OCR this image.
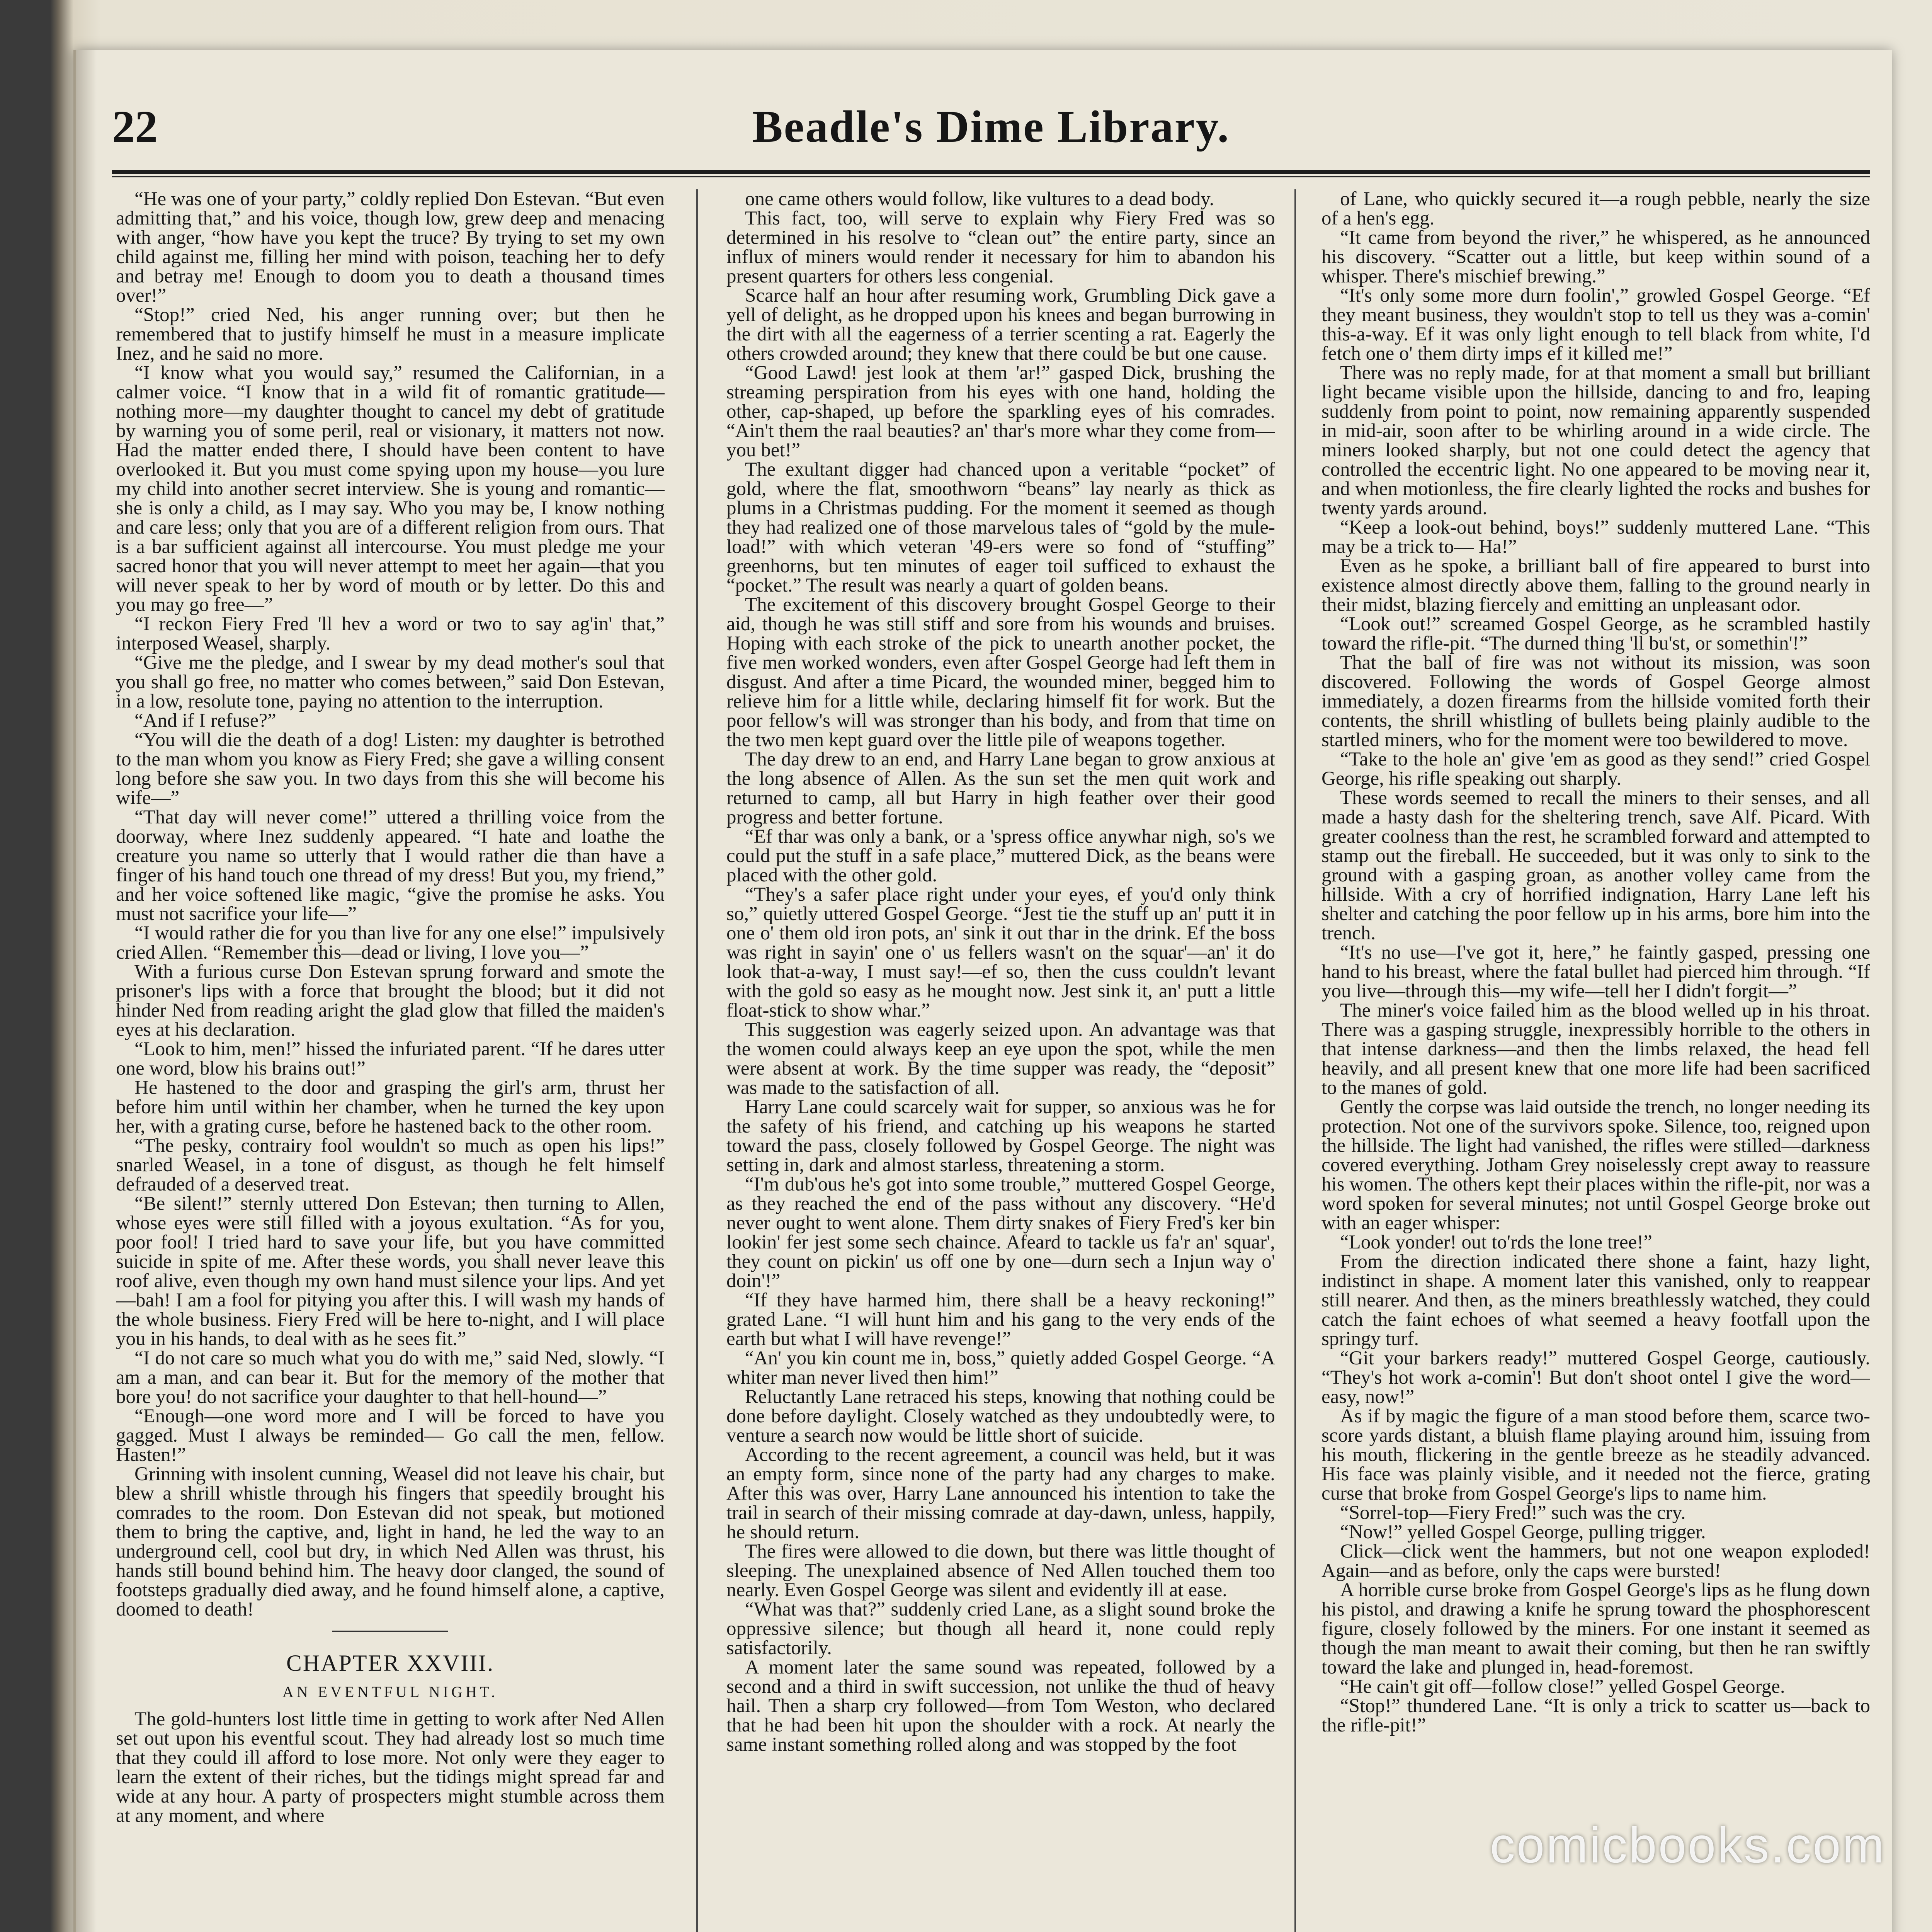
22	Beadle's Dime Library.

“He was one of your party,” coldly replied Don Estevan. “But even admitting that,” and his voice, though low, grew deep and menacing with anger, “how have you kept the truce? By trying to set my own child against me, filling her mind with poison, teaching her to defy and betray me! Enough to doom you to death a thousand times over!”

“Stop!” cried Ned, his anger running over; but then he remembered that to justify himself he must in a measure implicate Inez, and he said no more.

“I know what you would say,” resumed the Californian, in a calmer voice. “I know that in a wild fit of romantic gratitude—nothing more—my daughter thought to cancel my debt of gratitude by warning you of some peril, real or visionary, it matters not now. Had the matter ended there, I should have been content to have overlooked it. But you must come spying upon my house—you lure my child into another secret interview. She is young and romantic—she is only a child, as I may say. Who you may be, I know nothing and care less; only that you are of a different religion from ours. That is a bar sufficient against all intercourse. You must pledge me your sacred honor that you will never attempt to meet her again—that you will never speak to her by word of mouth or by letter. Do this and you may go free—”

“I reckon Fiery Fred 'll hev a word or two to say ag'in' that,” interposed Weasel, sharply.

“Give me the pledge, and I swear by my dead mother's soul that you shall go free, no matter who comes between,” said Don Estevan, in a low, resolute tone, paying no attention to the interruption.

“And if I refuse?”

“You will die the death of a dog! Listen: my daughter is betrothed to the man whom you know as Fiery Fred; she gave a willing consent long before she saw you. In two days from this she will become his wife—”

“That day will never come!” uttered a thrilling voice from the doorway, where Inez suddenly appeared. “I hate and loathe the creature you name so utterly that I would rather die than have a finger of his hand touch one thread of my dress! But you, my friend,” and her voice softened like magic, “give the promise he asks. You must not sacrifice your life—”

“I would rather die for you than live for any one else!” impulsively cried Allen. “Remember this—dead or living, I love you—”

With a furious curse Don Estevan sprung forward and smote the prisoner's lips with a force that brought the blood; but it did not hinder Ned from reading aright the glad glow that filled the maiden's eyes at his declaration.

“Look to him, men!” hissed the infuriated parent. “If he dares utter one word, blow his brains out!”

He hastened to the door and grasping the girl's arm, thrust her before him until within her chamber, when he turned the key upon her, with a grating curse, before he hastened back to the other room.

“The pesky, contrairy fool wouldn't so much as open his lips!” snarled Weasel, in a tone of disgust, as though he felt himself defrauded of a deserved treat.

“Be silent!” sternly uttered Don Estevan; then turning to Allen, whose eyes were still filled with a joyous exultation. “As for you, poor fool! I tried hard to save your life, but you have committed suicide in spite of me. After these words, you shall never leave this roof alive, even though my own hand must silence your lips. And yet—bah! I am a fool for pitying you after this. I will wash my hands of the whole business. Fiery Fred will be here to-night, and I will place you in his hands, to deal with as he sees fit.”

“I do not care so much what you do with me,” said Ned, slowly. “I am a man, and can bear it. But for the memory of the mother that bore you! do not sacrifice your daughter to that hell-hound—”

“Enough—one word more and I will be forced to have you gagged. Must I always be reminded— Go call the men, fellow. Hasten!”

Grinning with insolent cunning, Weasel did not leave his chair, but blew a shrill whistle through his fingers that speedily brought his comrades to the room. Don Estevan did not speak, but motioned them to bring the captive, and, light in hand, he led the way to an underground cell, cool but dry, in which Ned Allen was thrust, his hands still bound behind him. The heavy door clanged, the sound of footsteps gradually died away, and he found himself alone, a captive, doomed to death!

CHAPTER XXVIII.
AN EVENTFUL NIGHT.

The gold-hunters lost little time in getting to work after Ned Allen set out upon his eventful scout. They had already lost so much time that they could ill afford to lose more. Not only were they eager to learn the extent of their riches, but the tidings might spread far and wide at any hour. A party of prospecters might stumble across them at any moment, and where

one came others would follow, like vultures to a dead body.

This fact, too, will serve to explain why Fiery Fred was so determined in his resolve to “clean out” the entire party, since an influx of miners would render it necessary for him to abandon his present quarters for others less congenial.

Scarce half an hour after resuming work, Grumbling Dick gave a yell of delight, as he dropped upon his knees and began burrowing in the dirt with all the eagerness of a terrier scenting a rat. Eagerly the others crowded around; they knew that there could be but one cause.

“Good Lawd! jest look at them 'ar!” gasped Dick, brushing the streaming perspiration from his eyes with one hand, holding the other, cap-shaped, up before the sparkling eyes of his comrades. “Ain't them the raal beauties? an' thar's more whar they come from—you bet!”

The exultant digger had chanced upon a veritable “pocket” of gold, where the flat, smoothworn “beans” lay nearly as thick as plums in a Christmas pudding. For the moment it seemed as though they had realized one of those marvelous tales of “gold by the mule-load!” with which veteran '49-ers were so fond of “stuffing” greenhorns, but ten minutes of eager toil sufficed to exhaust the “pocket.” The result was nearly a quart of golden beans.

The excitement of this discovery brought Gospel George to their aid, though he was still stiff and sore from his wounds and bruises. Hoping with each stroke of the pick to unearth another pocket, the five men worked wonders, even after Gospel George had left them in disgust. And after a time Picard, the wounded miner, begged him to relieve him for a little while, declaring himself fit for work. But the poor fellow's will was stronger than his body, and from that time on the two men kept guard over the little pile of weapons together.

The day drew to an end, and Harry Lane began to grow anxious at the long absence of Allen. As the sun set the men quit work and returned to camp, all but Harry in high feather over their good progress and better fortune.

“Ef thar was only a bank, or a 'spress office anywhar nigh, so's we could put the stuff in a safe place,” muttered Dick, as the beans were placed with the other gold.

“They's a safer place right under your eyes, ef you'd only think so,” quietly uttered Gospel George. “Jest tie the stuff up an' putt it in one o' them old iron pots, an' sink it out thar in the drink. Ef the boss was right in sayin' one o' us fellers wasn't on the squar'—an' it do look that-a-way, I must say!—ef so, then the cuss couldn't levant with the gold so easy as he mought now. Jest sink it, an' putt a little float-stick to show whar.”

This suggestion was eagerly seized upon. An advantage was that the women could always keep an eye upon the spot, while the men were absent at work. By the time supper was ready, the “deposit” was made to the satisfaction of all.

Harry Lane could scarcely wait for supper, so anxious was he for the safety of his friend, and catching up his weapons he started toward the pass, closely followed by Gospel George. The night was setting in, dark and almost starless, threatening a storm.

“I'm dub'ous he's got into some trouble,” muttered Gospel George, as they reached the end of the pass without any discovery. “He'd never ought to went alone. Them dirty snakes of Fiery Fred's ker bin lookin' fer jest some sech chaince. Afeard to tackle us fa'r an' squar', they count on pickin' us off one by one—durn sech a Injun way o' doin'!”

“If they have harmed him, there shall be a heavy reckoning!” grated Lane. “I will hunt him and his gang to the very ends of the earth but what I will have revenge!”

“An' you kin count me in, boss,” quietly added Gospel George. “A whiter man never lived then him!”

Reluctantly Lane retraced his steps, knowing that nothing could be done before daylight. Closely watched as they undoubtedly were, to venture a search now would be little short of suicide.

According to the recent agreement, a council was held, but it was an empty form, since none of the party had any charges to make. After this was over, Harry Lane announced his intention to take the trail in search of their missing comrade at day-dawn, unless, happily, he should return.

The fires were allowed to die down, but there was little thought of sleeping. The unexplained absence of Ned Allen touched them too nearly. Even Gospel George was silent and evidently ill at ease.

“What was that?” suddenly cried Lane, as a slight sound broke the oppressive silence; but though all heard it, none could reply satisfactorily.

A moment later the same sound was repeated, followed by a second and a third in swift succession, not unlike the thud of heavy hail. Then a sharp cry followed—from Tom Weston, who declared that he had been hit upon the shoulder with a rock. At nearly the same instant something rolled along and was stopped by the foot

of Lane, who quickly secured it—a rough pebble, nearly the size of a hen's egg.

“It came from beyond the river,” he whispered, as he announced his discovery. “Scatter out a little, but keep within sound of a whisper. There's mischief brewing.”

“It's only some more durn foolin',” growled Gospel George. “Ef they meant business, they wouldn't stop to tell us they was a-comin' this-a-way. Ef it was only light enough to tell black from white, I'd fetch one o' them dirty imps ef it killed me!”

There was no reply made, for at that moment a small but brilliant light became visible upon the hillside, dancing to and fro, leaping suddenly from point to point, now remaining apparently suspended in mid-air, soon after to be whirling around in a wide circle. The miners looked sharply, but not one could detect the agency that controlled the eccentric light. No one appeared to be moving near it, and when motionless, the fire clearly lighted the rocks and bushes for twenty yards around.

“Keep a look-out behind, boys!” suddenly muttered Lane. “This may be a trick to— Ha!”

Even as he spoke, a brilliant ball of fire appeared to burst into existence almost directly above them, falling to the ground nearly in their midst, blazing fiercely and emitting an unpleasant odor.

“Look out!” screamed Gospel George, as he scrambled hastily toward the rifle-pit. “The durned thing 'll bu'st, or somethin'!”

That the ball of fire was not without its mission, was soon discovered. Following the words of Gospel George almost immediately, a dozen firearms from the hillside vomited forth their contents, the shrill whistling of bullets being plainly audible to the startled miners, who for the moment were too bewildered to move.

“Take to the hole an' give 'em as good as they send!” cried Gospel George, his rifle speaking out sharply.

These words seemed to recall the miners to their senses, and all made a hasty dash for the sheltering trench, save Alf. Picard. With greater coolness than the rest, he scrambled forward and attempted to stamp out the fireball. He succeeded, but it was only to sink to the ground with a gasping groan, as another volley came from the hillside. With a cry of horrified indignation, Harry Lane left his shelter and catching the poor fellow up in his arms, bore him into the trench.

“It's no use—I've got it, here,” he faintly gasped, pressing one hand to his breast, where the fatal bullet had pierced him through. “If you live—through this—my wife—tell her I didn't forgit—”

The miner's voice failed him as the blood welled up in his throat. There was a gasping struggle, inexpressibly horrible to the others in that intense darkness—and then the limbs relaxed, the head fell heavily, and all present knew that one more life had been sacrificed to the manes of gold.

Gently the corpse was laid outside the trench, no longer needing its protection. Not one of the survivors spoke. Silence, too, reigned upon the hillside. The light had vanished, the rifles were stilled—darkness covered everything. Jotham Grey noiselessly crept away to reassure his women. The others kept their places within the rifle-pit, nor was a word spoken for several minutes; not until Gospel George broke out with an eager whisper:

“Look yonder! out to'rds the lone tree!”

From the direction indicated there shone a faint, hazy light, indistinct in shape. A moment later this vanished, only to reappear still nearer. And then, as the miners breathlessly watched, they could catch the faint echoes of what seemed a heavy footfall upon the springy turf.

“Git your barkers ready!” muttered Gospel George, cautiously. “They's hot work a-comin'! But don't shoot ontel I give the word—easy, now!”

As if by magic the figure of a man stood before them, scarce two-score yards distant, a bluish flame playing around him, issuing from his mouth, flickering in the gentle breeze as he steadily advanced. His face was plainly visible, and it needed not the fierce, grating curse that broke from Gospel George's lips to name him.

“Sorrel-top—Fiery Fred!” such was the cry.

“Now!” yelled Gospel George, pulling trigger.

Click—click went the hammers, but not one weapon exploded! Again—and as before, only the caps were bursted!

A horrible curse broke from Gospel George's lips as he flung down his pistol, and drawing a knife he sprung toward the phosphorescent figure, closely followed by the miners. For one instant it seemed as though the man meant to await their coming, but then he ran swiftly toward the lake and plunged in, head-foremost.

“He cain't git off—follow close!” yelled Gospel George.

“Stop!” thundered Lane. “It is only a trick to scatter us—back to the rifle-pit!”

comicbooks.com
